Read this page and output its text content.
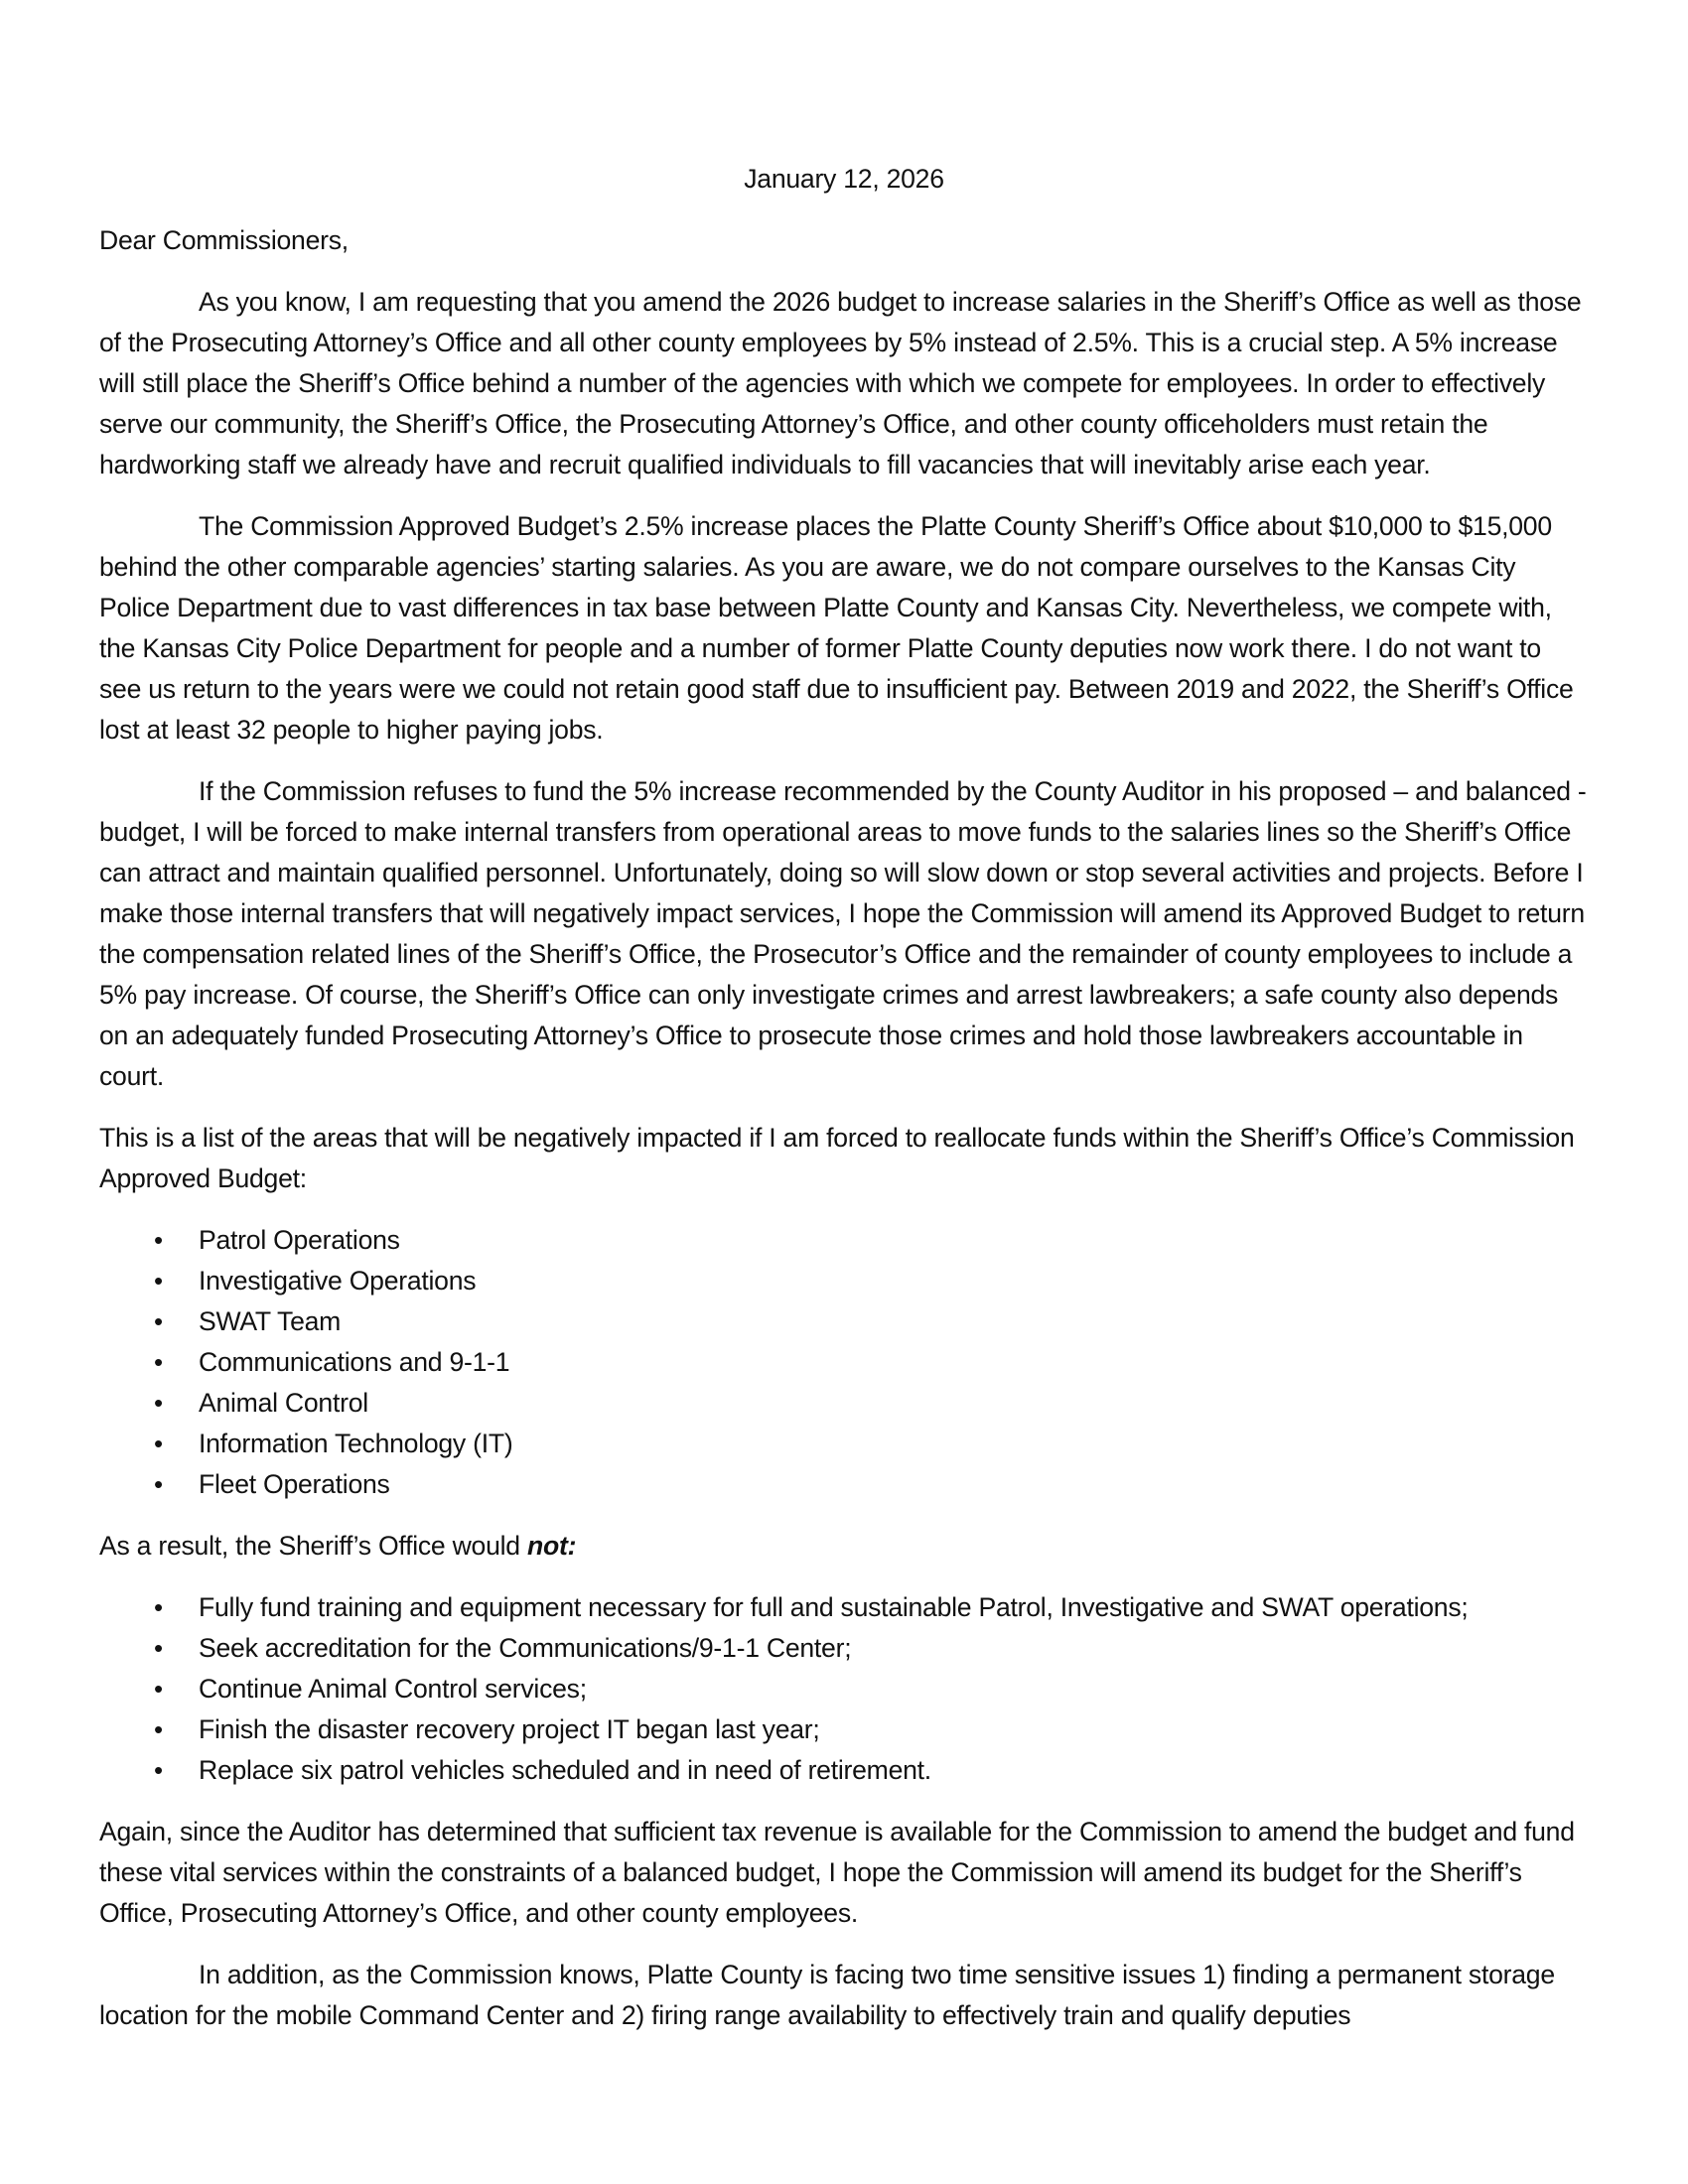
January 12, 2026

Dear Commissioners,

As you know, I am requesting that you amend the 2026 budget to increase salaries in the Sheriff’s Office as well as those of the Prosecuting Attorney’s Office and all other county employees by 5% instead of 2.5%. This is a crucial step. A 5% increase will still place the Sheriff’s Office behind a number of the agencies with which we compete for employees. In order to effectively serve our community, the Sheriff’s Office, the Prosecuting Attorney’s Office, and other county officeholders must retain the hardworking staff we already have and recruit qualified individuals to fill vacancies that will inevitably arise each year.

The Commission Approved Budget’s 2.5% increase places the Platte County Sheriff’s Office about $10,000 to $15,000 behind the other comparable agencies’ starting salaries. As you are aware, we do not compare ourselves to the Kansas City Police Department due to vast differences in tax base between Platte County and Kansas City. Nevertheless, we compete with, the Kansas City Police Department for people and a number of former Platte County deputies now work there. I do not want to see us return to the years were we could not retain good staff due to insufficient pay. Between 2019 and 2022, the Sheriff’s Office lost at least 32 people to higher paying jobs.

If the Commission refuses to fund the 5% increase recommended by the County Auditor in his proposed – and balanced - budget, I will be forced to make internal transfers from operational areas to move funds to the salaries lines so the Sheriff’s Office can attract and maintain qualified personnel. Unfortunately, doing so will slow down or stop several activities and projects. Before I make those internal transfers that will negatively impact services, I hope the Commission will amend its Approved Budget to return the compensation related lines of the Sheriff’s Office, the Prosecutor’s Office and the remainder of county employees to include a 5% pay increase. Of course, the Sheriff’s Office can only investigate crimes and arrest lawbreakers; a safe county also depends on an adequately funded Prosecuting Attorney’s Office to prosecute those crimes and hold those lawbreakers accountable in court.

This is a list of the areas that will be negatively impacted if I am forced to reallocate funds within the Sheriff’s Office’s Commission Approved Budget:

• Patrol Operations
• Investigative Operations
• SWAT Team
• Communications and 9-1-1
• Animal Control
• Information Technology (IT)
• Fleet Operations

As a result, the Sheriff’s Office would not:

• Fully fund training and equipment necessary for full and sustainable Patrol, Investigative and SWAT operations;
• Seek accreditation for the Communications/9-1-1 Center;
• Continue Animal Control services;
• Finish the disaster recovery project IT began last year;
• Replace six patrol vehicles scheduled and in need of retirement.

Again, since the Auditor has determined that sufficient tax revenue is available for the Commission to amend the budget and fund these vital services within the constraints of a balanced budget, I hope the Commission will amend its budget for the Sheriff’s Office, Prosecuting Attorney’s Office, and other county employees.

In addition, as the Commission knows, Platte County is facing two time sensitive issues 1) finding a permanent storage location for the mobile Command Center and 2) firing range availability to effectively train and qualify deputies
